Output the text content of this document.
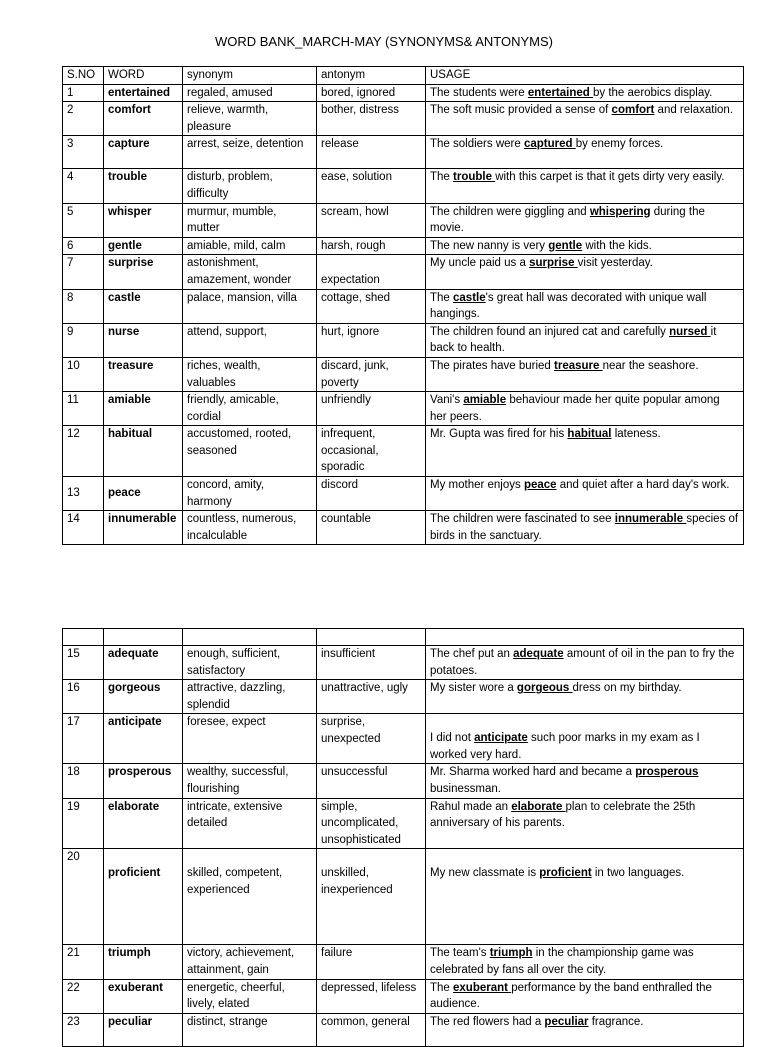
WORD BANK_MARCH-MAY (SYNONYMS& ANTONYMS)
S.NO	WORD	synonym	antonym	USAGE
1	entertained	regaled, amused	bored, ignored	The students were entertained by the aerobics display.
2	comfort	relieve, warmth, pleasure	bother, distress	The soft music provided a sense of comfort and relaxation.
3	capture	arrest, seize, detention	release	The soldiers were captured by enemy forces.
4	trouble	disturb, problem, difficulty	ease, solution	The trouble with this carpet is that it gets dirty very easily.
5	whisper	murmur, mumble, mutter	scream, howl	The children were giggling and whispering during the movie.
6	gentle	amiable, mild, calm	harsh, rough	The new nanny is very gentle with the kids.
7	surprise	astonishment, amazement, wonder	expectation	My uncle paid us a surprise visit yesterday.
8	castle	palace, mansion, villa	cottage, shed	The castle's great hall was decorated with unique wall hangings.
9	nurse	attend, support,	hurt, ignore	The children found an injured cat and carefully nursed it back to health.
10	treasure	riches, wealth, valuables	discard, junk, poverty	The pirates have buried treasure near the seashore.
11	amiable	friendly, amicable, cordial	unfriendly	Vani's amiable behaviour made her quite popular among her peers.
12	habitual	accustomed, rooted, seasoned	infrequent, occasional, sporadic	Mr. Gupta was fired for his habitual lateness.
13	peace	concord, amity, harmony	discord	My mother enjoys peace and quiet after a hard day's work.
14	innumerable	countless, numerous, incalculable	countable	The children were fascinated to see innumerable species of birds in the sanctuary.

15	adequate	enough, sufficient, satisfactory	insufficient	The chef put an adequate amount of oil in the pan to fry the potatoes.
16	gorgeous	attractive, dazzling, splendid	unattractive, ugly	My sister wore a gorgeous dress on my birthday.
17	anticipate	foresee, expect	surprise, unexpected	I did not anticipate such poor marks in my exam as I worked very hard.
18	prosperous	wealthy, successful, flourishing	unsuccessful	Mr. Sharma worked hard and became a prosperous businessman.
19	elaborate	intricate, extensive detailed	simple, uncomplicated, unsophisticated	Rahul made an elaborate plan to celebrate the 25th anniversary of his parents.
20	proficient	skilled, competent, experienced	unskilled, inexperienced	My new classmate is proficient in two languages.
21	triumph	victory, achievement, attainment, gain	failure	The team's triumph in the championship game was celebrated by fans all over the city.
22	exuberant	energetic, cheerful, lively, elated	depressed, lifeless	The exuberant performance by the band enthralled the audience.
23	peculiar	distinct, strange	common, general	The red flowers had a peculiar fragrance.
